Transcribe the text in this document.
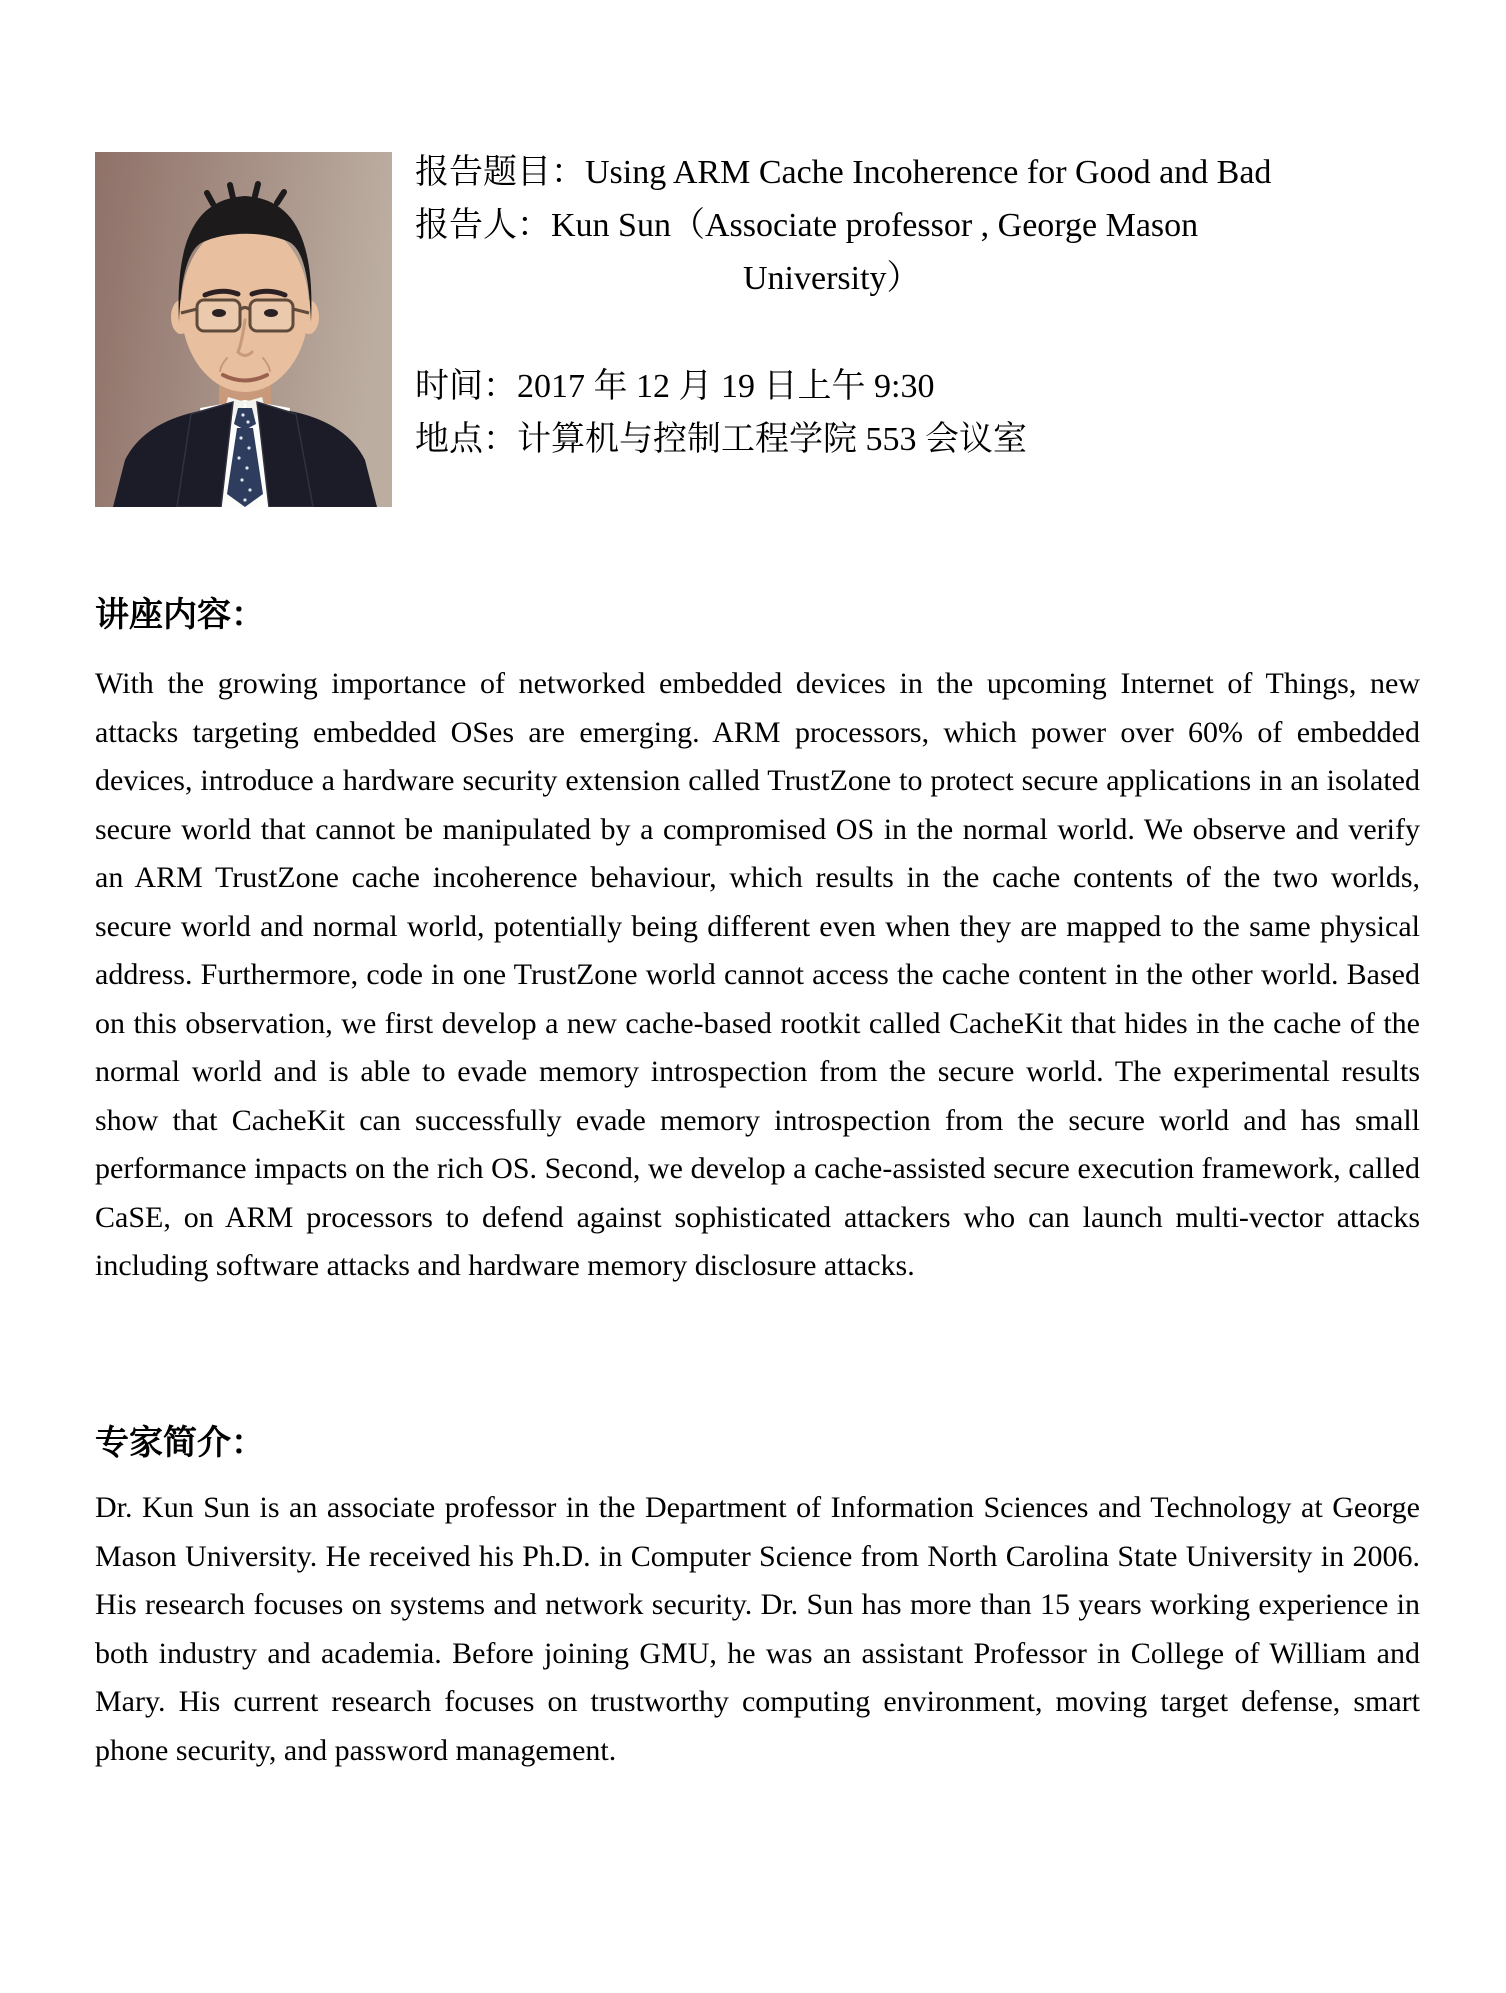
报告题目：Using ARM Cache Incoherence for Good and Bad
报告人：Kun Sun（Associate professor , George Mason
University）
时间：2017 年 12 月 19 日上午 9:30
地点：计算机与控制工程学院 553 会议室
讲座内容：
With the growing importance of networked embedded devices in the upcoming Internet of Things, new attacks targeting embedded OSes are emerging. ARM processors, which power over 60% of embedded devices, introduce a hardware security extension called TrustZone to protect secure applications in an isolated secure world that cannot be manipulated by a compromised OS in the normal world. We observe and verify an ARM TrustZone cache incoherence behaviour, which results in the cache contents of the two worlds, secure world and normal world, potentially being different even when they are mapped to the same physical address. Furthermore, code in one TrustZone world cannot access the cache content in the other world. Based on this observation, we first develop a new cache-based rootkit called CacheKit that hides in the cache of the normal world and is able to evade memory introspection from the secure world. The experimental results show that CacheKit can successfully evade memory introspection from the secure world and has small performance impacts on the rich OS. Second, we develop a cache-assisted secure execution framework, called CaSE, on ARM processors to defend against sophisticated attackers who can launch multi-vector attacks including software attacks and hardware memory disclosure attacks.
专家简介：
Dr. Kun Sun is an associate professor in the Department of Information Sciences and Technology at George Mason University. He received his Ph.D. in Computer Science from North Carolina State University in 2006. His research focuses on systems and network security. Dr. Sun has more than 15 years working experience in both industry and academia. Before joining GMU, he was an assistant Professor in College of William and Mary. His current research focuses on trustworthy computing environment, moving target defense, smart phone security, and password management.
